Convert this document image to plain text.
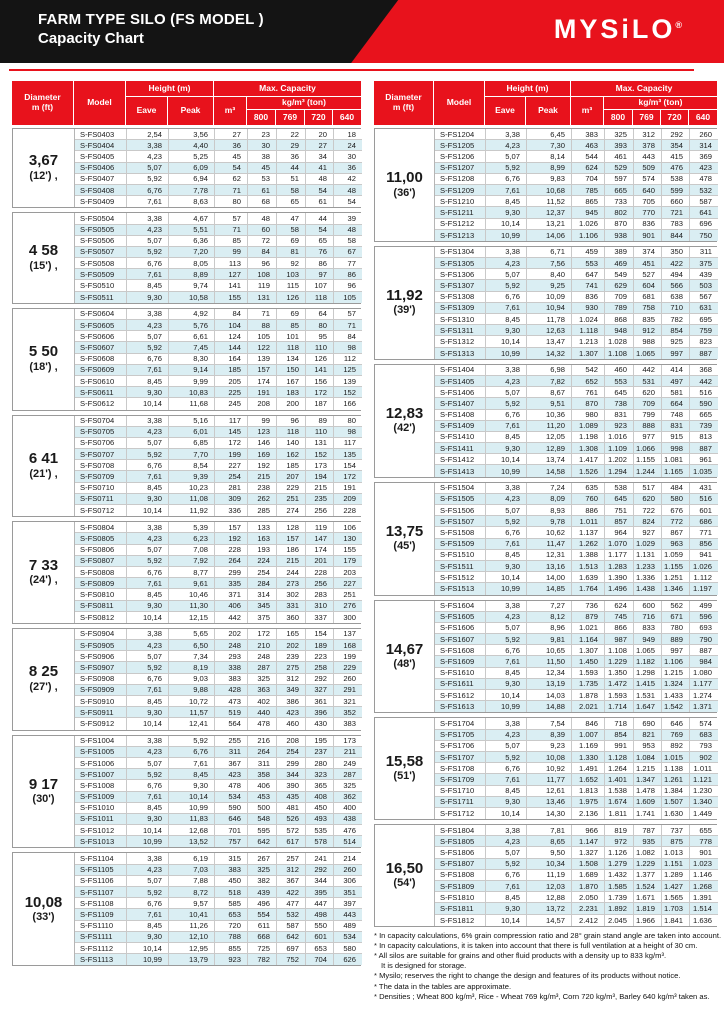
FARM TYPE SILO (FS MODEL )
Capacity Chart	MYSiLO®
Diameter
m (ft)	Model
Height (m)
Eave	Peak
Max. Capacity
m³
kg/m³ (ton)
800	769	720	640
3,67
(12') ,
S-FS0403	2,54	3,56	27	23	22	20	18
S-FS0404	3,38	4,40	36	30	29	27	24
S-FS0405	4,23	5,25	45	38	36	34	30
S-FS0406	5,07	6,09	54	45	44	41	36
S-FS0407	5,92	6,94	62	53	51	48	42
S-FS0408	6,76	7,78	71	61	58	54	48
S-FS0409	7,61	8,63	80	68	65	61	54
4 58
(15') ,
S-FS0504	3,38	4,67	57	48	47	44	39
S-FS0505	4,23	5,51	71	60	58	54	48
S-FS0506	5,07	6,36	85	72	69	65	58
S-FS0507	5,92	7,20	99	84	81	76	67
S-FS0508	6,76	8,05	113	96	92	86	77
S-FS0509	7,61	8,89	127	108	103	97	86
S-FS0510	8,45	9,74	141	119	115	107	96
S-FS0511	9,30	10,58	155	131	126	118	105
5 50
(18') ,
S-FS0604	3,38	4,92	84	71	69	64	57
S-FS0605	4,23	5,76	104	88	85	80	71
S-FS0606	5,07	6,61	124	105	101	95	84
S-FS0607	5,92	7,45	144	122	118	110	98
S-FS0608	6,76	8,30	164	139	134	126	112
S-FS0609	7,61	9,14	185	157	150	141	125
S-FS0610	8,45	9,99	205	174	167	156	139
S-FS0611	9,30	10,83	225	191	183	172	152
S-FS0612	10,14	11,68	245	208	200	187	166
6 41
(21') ,
S-FS0704	3,38	5,16	117	99	96	89	80
S-FS0705	4,23	6,01	145	123	118	110	98
S-FS0706	5,07	6,85	172	146	140	131	117
S-FS0707	5,92	7,70	199	169	162	152	135
S-FS0708	6,76	8,54	227	192	185	173	154
S-FS0709	7,61	9,39	254	215	207	194	172
S-FS0710	8,45	10,23	281	238	229	215	191
S-FS0711	9,30	11,08	309	262	251	235	209
S-FS0712	10,14	11,92	336	285	274	256	228
7 33
(24') ,
S-FS0804	3,38	5,39	157	133	128	119	106
S-FS0805	4,23	6,23	192	163	157	147	130
S-FS0806	5,07	7,08	228	193	186	174	155
S-FS0807	5,92	7,92	264	224	215	201	179
S-FS0808	6,76	8,77	299	254	244	228	203
S-FS0809	7,61	9,61	335	284	273	256	227
S-FS0810	8,45	10,46	371	314	302	283	251
S-FS0811	9,30	11,30	406	345	331	310	276
S-FS0812	10,14	12,15	442	375	360	337	300
8 25
(27') ,
S-FS0904	3,38	5,65	202	172	165	154	137
S-FS0905	4,23	6,50	248	210	202	189	168
S-FS0906	5,07	7,34	293	248	239	223	199
S-FS0907	5,92	8,19	338	287	275	258	229
S-FS0908	6,76	9,03	383	325	312	292	260
S-FS0909	7,61	9,88	428	363	349	327	291
S-FS0910	8,45	10,72	473	402	386	361	321
S-FS0911	9,30	11,57	519	440	423	396	352
S-FS0912	10,14	12,41	564	478	460	430	383
9 17
(30')
S-FS1004	3,38	5,92	255	216	208	195	173
S-FS1005	4,23	6,76	311	264	254	237	211
S-FS1006	5,07	7,61	367	311	299	280	249
S-FS1007	5,92	8,45	423	358	344	323	287
S-FS1008	6,76	9,30	478	406	390	365	325
S-FS1009	7,61	10,14	534	453	435	408	362
S-FS1010	8,45	10,99	590	500	481	450	400
S-FS1011	9,30	11,83	646	548	526	493	438
S-FS1012	10,14	12,68	701	595	572	535	476
S-FS1013	10,99	13,52	757	642	617	578	514
10,08
(33')
S-FS1104	3,38	6,19	315	267	257	241	214
S-FS1105	4,23	7,03	383	325	312	292	260
S-FS1106	5,07	7,88	450	382	367	344	306
S-FS1107	5,92	8,72	518	439	422	395	351
S-FS1108	6,76	9,57	585	496	477	447	397
S-FS1109	7,61	10,41	653	554	532	498	443
S-FS1110	8,45	11,26	720	611	587	550	489
S-FS1111	9,30	12,10	788	668	642	601	534
S-FS1112	10,14	12,95	855	725	697	653	580
S-FS1113	10,99	13,79	923	782	752	704	626
Diameter
m (ft)	Model
Height (m)
Eave	Peak
Max. Capacity
m³
kg/m³ (ton)
800	769	720	640
11,00
(36')
S-FS1204	3,38	6,45	383	325	312	292	260
S-FS1205	4,23	7,30	463	393	378	354	314
S-FS1206	5,07	8,14	544	461	443	415	369
S-FS1207	5,92	8,99	624	529	509	476	423
S-FS1208	6,76	9,83	704	597	574	538	478
S-FS1209	7,61	10,68	785	665	640	599	532
S-FS1210	8,45	11,52	865	733	705	660	587
S-FS1211	9,30	12,37	945	802	770	721	641
S-FS1212	10,14	13,21	1.026	870	836	783	696
S-FS1213	10,99	14,06	1.106	938	901	844	750
11,92
(39')
S-FS1304	3,38	6,71	459	389	374	350	311
S-FS1305	4,23	7,56	553	469	451	422	375
S-FS1306	5,07	8,40	647	549	527	494	439
S-FS1307	5,92	9,25	741	629	604	566	503
S-FS1308	6,76	10,09	836	709	681	638	567
S-FS1309	7,61	10,94	930	789	758	710	631
S-FS1310	8,45	11,78	1.024	868	835	782	695
S-FS1311	9,30	12,63	1.118	948	912	854	759
S-FS1312	10,14	13,47	1.213	1.028	988	925	823
S-FS1313	10,99	14,32	1.307	1.108	1.065	997	887
12,83
(42')
S-FS1404	3,38	6,98	542	460	442	414	368
S-FS1405	4,23	7,82	652	553	531	497	442
S-FS1406	5,07	8,67	761	645	620	581	516
S-FS1407	5,92	9,51	870	738	709	664	590
S-FS1408	6,76	10,36	980	831	799	748	665
S-FS1409	7,61	11,20	1.089	923	888	831	739
S-FS1410	8,45	12,05	1.198	1.016	977	915	813
S-FS1411	9,30	12,89	1.308	1.109	1.066	998	887
S-FS1412	10,14	13,74	1.417	1.202	1.155	1.081	961
S-FS1413	10,99	14,58	1.526	1.294	1.244	1.165	1.035
13,75
(45')
S-FS1504	3,38	7,24	635	538	517	484	431
S-FS1505	4,23	8,09	760	645	620	580	516
S-FS1506	5,07	8,93	886	751	722	676	601
S-FS1507	5,92	9,78	1.011	857	824	772	686
S-FS1508	6,76	10,62	1.137	964	927	867	771
S-FS1509	7,61	11,47	1.262	1.070	1.029	963	856
S-FS1510	8,45	12,31	1.388	1.177	1.131	1.059	941
S-FS1511	9,30	13,16	1.513	1.283	1.233	1.155	1.026
S-FS1512	10,14	14,00	1.639	1.390	1.336	1.251	1.112
S-FS1513	10,99	14,85	1.764	1.496	1.438	1.346	1.197
14,67
(48')
S-FS1604	3,38	7,27	736	624	600	562	499
S-FS1605	4,23	8,12	879	745	716	671	596
S-FS1606	5,07	8,96	1.021	866	833	780	693
S-FS1607	5,92	9,81	1.164	987	949	889	790
S-FS1608	6,76	10,65	1.307	1.108	1.065	997	887
S-FS1609	7,61	11,50	1.450	1.229	1.182	1.106	984
S-FS1610	8,45	12,34	1.593	1.350	1.298	1.215	1.080
S-FS1611	9,30	13,19	1.735	1.472	1.415	1.324	1.177
S-FS1612	10,14	14,03	1.878	1.593	1.531	1.433	1.274
S-FS1613	10,99	14,88	2.021	1.714	1.647	1.542	1.371
15,58
(51')
S-FS1704	3,38	7,54	846	718	690	646	574
S-FS1705	4,23	8,39	1.007	854	821	769	683
S-FS1706	5,07	9,23	1.169	991	953	892	793
S-FS1707	5,92	10,08	1.330	1.128	1.084	1.015	902
S-FS1708	6,76	10,92	1.491	1.264	1.215	1.138	1.011
S-FS1709	7,61	11,77	1.652	1.401	1.347	1.261	1.121
S-FS1710	8,45	12,61	1.813	1.538	1.478	1.384	1.230
S-FS1711	9,30	13,46	1.975	1.674	1.609	1.507	1.340
S-FS1712	10,14	14,30	2.136	1.811	1.741	1.630	1.449
16,50
(54')
S-FS1804	3,38	7,81	966	819	787	737	655
S-FS1805	4,23	8,65	1.147	972	935	875	778
S-FS1806	5,07	9,50	1.327	1.126	1.082	1.013	901
S-FS1807	5,92	10,34	1.508	1.279	1.229	1.151	1.023
S-FS1808	6,76	11,19	1.689	1.432	1.377	1.289	1.146
S-FS1809	7,61	12,03	1.870	1.585	1.524	1.427	1.268
S-FS1810	8,45	12,88	2.050	1.739	1.671	1.565	1.391
S-FS1811	9,30	13,72	2.231	1.892	1.819	1.703	1.514
S-FS1812	10,14	14,57	2.412	2.045	1.966	1.841	1.636
* In capacity calculations, 6% grain compression ratio and 28° grain stand angle are taken into account.
* In capacity calculations, it is taken into account that there is full ventilation at a height of 30 cm.
* All silos are suitable for grains and other fluid products with a density up to 833 kg/m³.
It is designed for storage.
* Mysilo; reserves the right to change the design and features of its products without notice.
* The data in the tables are approximate.
* Densities ; Wheat 800 kg/m³, Rice - Wheat 769 kg/m³, Corn 720 kg/m³, Barley 640 kg/m³ taken as.
